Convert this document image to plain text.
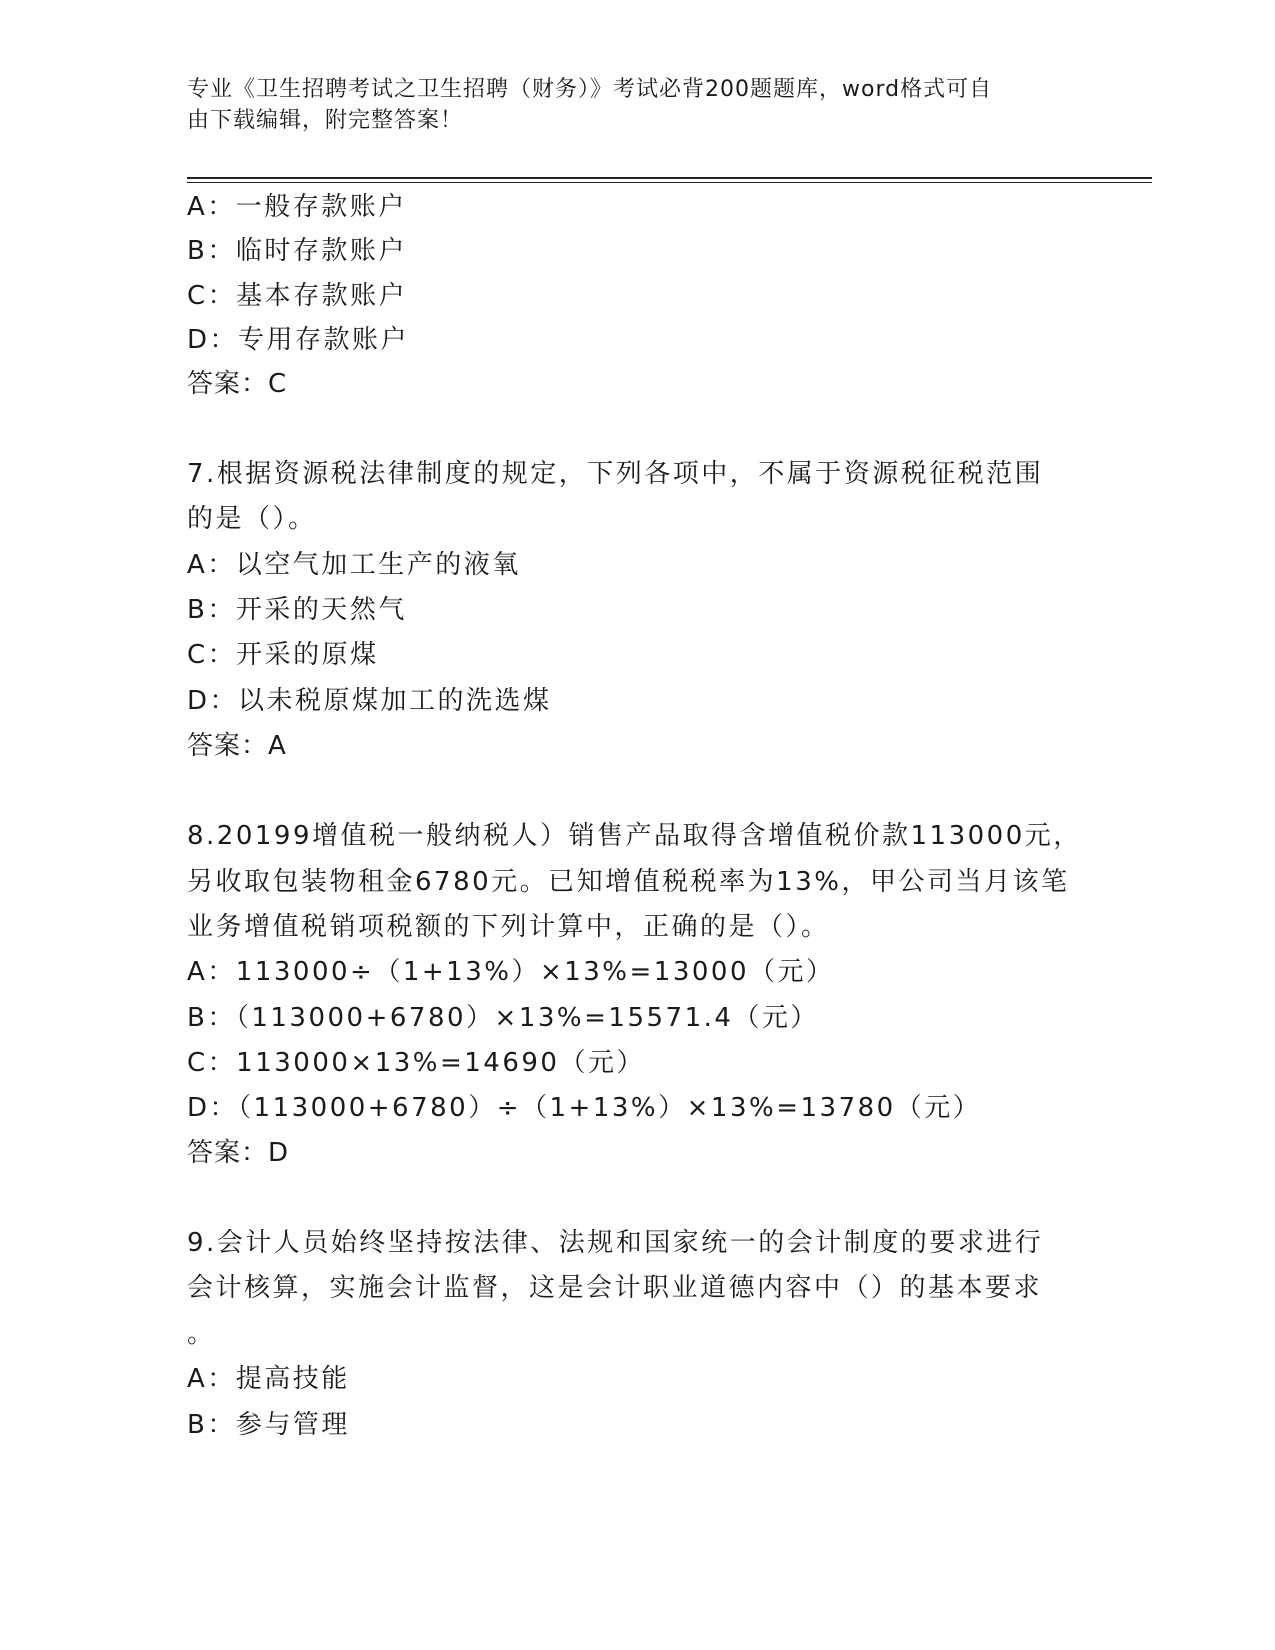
专业《卫生招聘考试之卫生招聘（财务）》考试必背200题题库，word格式可自
由下载编辑，附完整答案！
A：一般存款账户
B：临时存款账户
C：基本存款账户
D：专用存款账户
答案：C
7.根据资源税法律制度的规定，下列各项中，不属于资源税征税范围
的是（）。
A：以空气加工生产的液氧
B：开采的天然气
C：开采的原煤
D：以未税原煤加工的洗选煤
答案：A
8.20199增值税一般纳税人）销售产品取得含增值税价款113000元，
另收取包装物租金6780元。已知增值税税率为13%，甲公司当月该笔
业务增值税销项税额的下列计算中，正确的是（）。
A：113000÷（1+13%）×13%=13000（元）
B：（113000+6780）×13%=15571.4（元）
C：113000×13%=14690（元）
D：（113000+6780）÷（1+13%）×13%=13780（元）
答案：D
9.会计人员始终坚持按法律、法规和国家统一的会计制度的要求进行
会计核算，实施会计监督，这是会计职业道德内容中（）的基本要求
。
A：提高技能
B：参与管理
